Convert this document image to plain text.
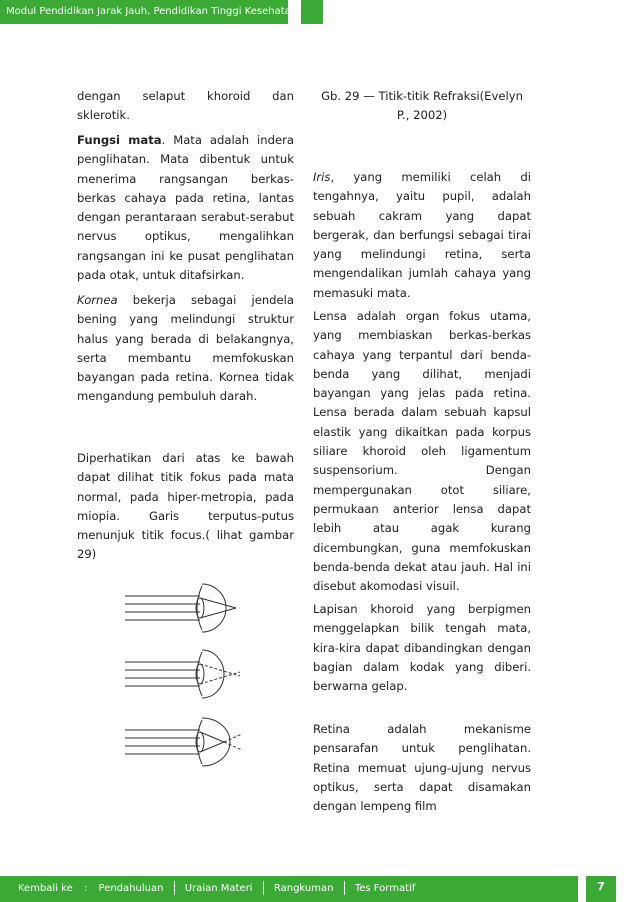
Modul Pendidikan Jarak Jauh, Pendidikan Tinggi Kesehatan

dengan selaput khoroid dan sklerotik.

Fungsi mata. Mata adalah indera penglihatan. Mata dibentuk untuk menerima rangsangan berkas-berkas cahaya pada retina, lantas dengan perantaraan serabut-serabut nervus optikus, mengalihkan rangsangan ini ke pusat penglihatan pada otak, untuk ditafsirkan.

Kornea bekerja sebagai jendela bening yang melindungi struktur halus yang berada di belakangnya, serta membantu memfokuskan bayangan pada retina. Kornea tidak mengandung pembuluh darah.

Diperhatikan dari atas ke bawah dapat dilihat titik fokus pada mata normal, pada hiper-metropia, pada miopia. Garis terputus-putus menunjuk titik focus.( lihat gambar 29)

Gb. 29 — Titik-titik Refraksi(Evelyn P., 2002)

Iris, yang memiliki celah di tengahnya, yaitu pupil, adalah sebuah cakram yang dapat bergerak, dan berfungsi sebagai tirai yang melindungi retina, serta mengendalikan jumlah cahaya yang memasuki mata.

Lensa adalah organ fokus utama, yang membiaskan berkas-berkas cahaya yang terpantul dari benda-benda yang dilihat, menjadi bayangan yang jelas pada retina. Lensa berada dalam sebuah kapsul elastik yang dikaitkan pada korpus siliare khoroid oleh ligamentum suspensorium. Dengan mempergunakan otot siliare, permukaan anterior lensa dapat lebih atau agak kurang dicembungkan, guna memfokuskan benda-benda dekat atau jauh. Hal ini disebut akomodasi visuil.

Lapisan khoroid yang berpigmen menggelapkan bilik tengah mata, kira-kira dapat dibandingkan dengan bagian dalam kodak yang diberi. berwarna gelap.

Retina adalah mekanisme pensarafan untuk penglihatan. Retina memuat ujung-ujung nervus optikus, serta dapat disamakan dengan lempeng film

Kembali ke : Pendahuluan Uraian Materi Rangkuman Tes Formatif	7
